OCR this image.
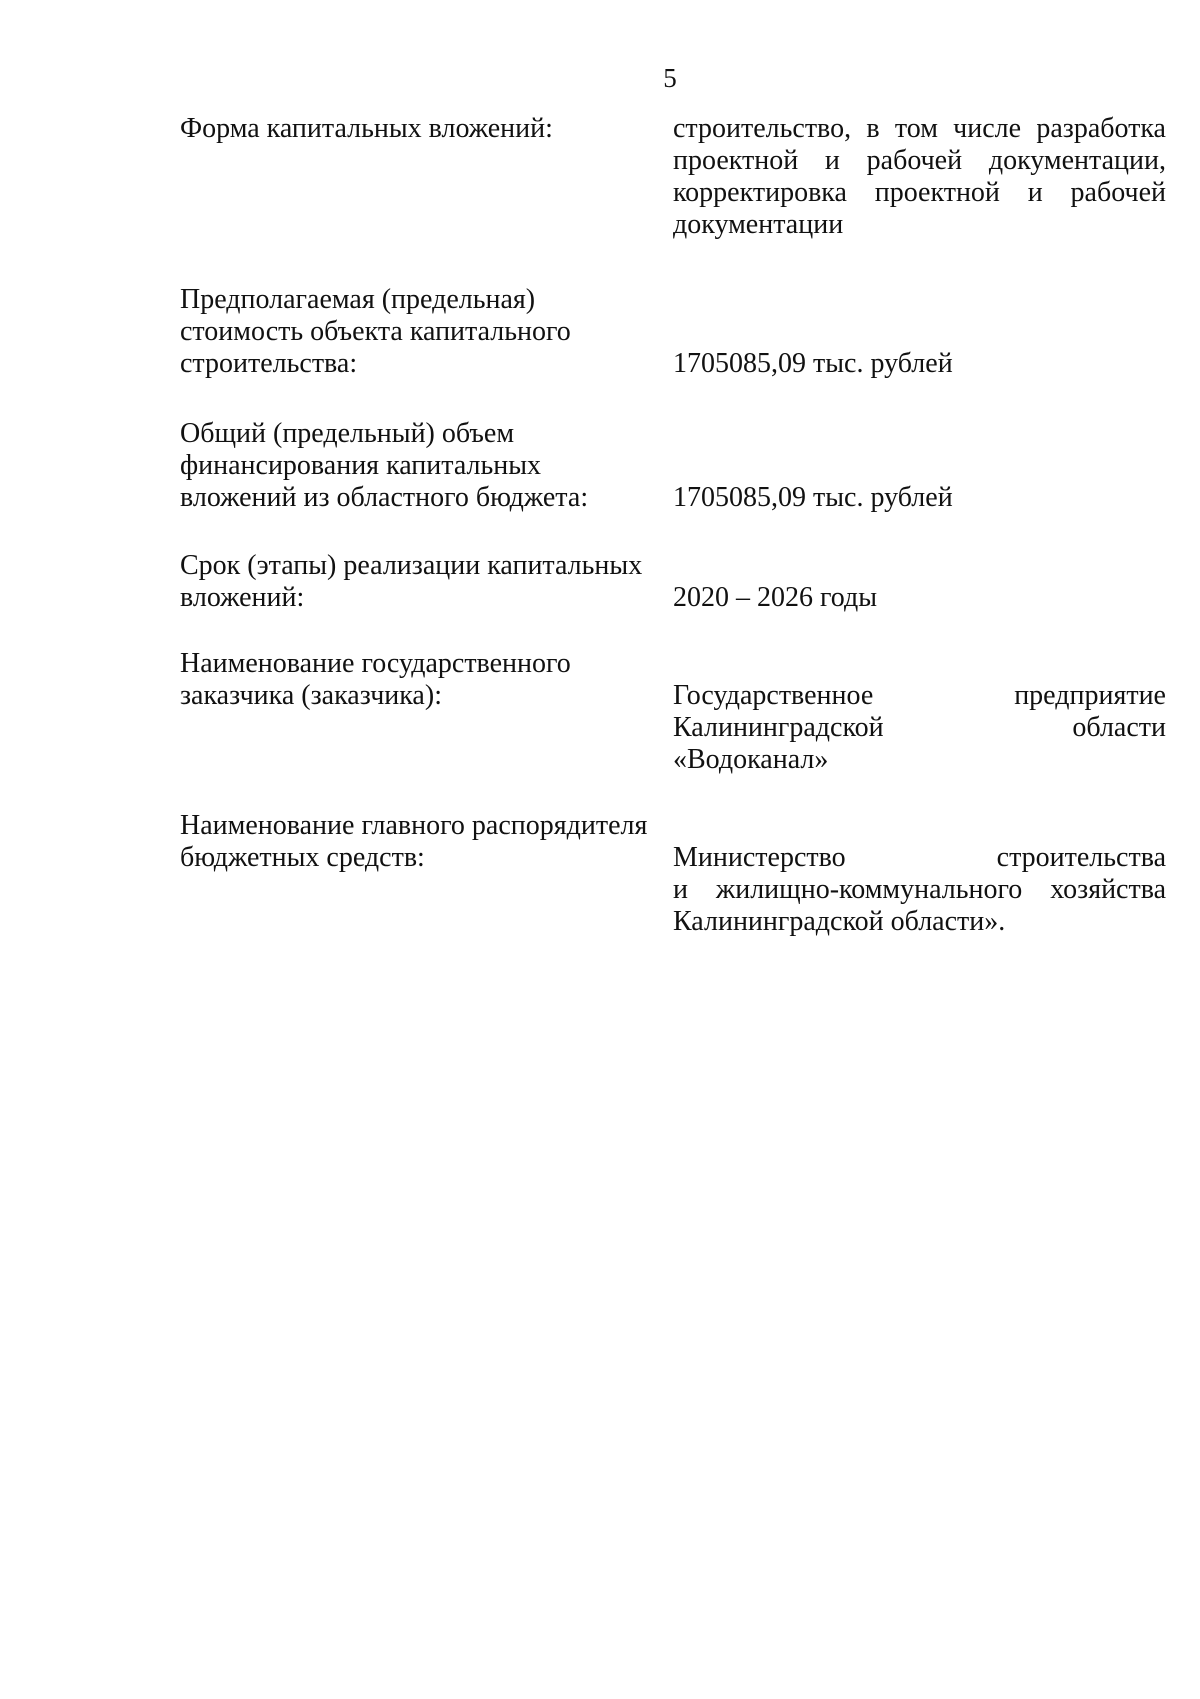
5
Форма капитальных вложений:	строительство, в том числе разработка
проектной и рабочей документации,
корректировка проектной и рабочей
документации
Предполагаемая (предельная)
стоимость объекта капитального
строительства:	1705085,09 тыс. рублей
Общий (предельный) объем
финансирования капитальных
вложений из областного бюджета:	1705085,09 тыс. рублей
Срок (этапы) реализации капитальных
вложений:	2020 – 2026 годы
Наименование государственного
заказчика (заказчика):	Государственное предприятие
Калининградской области
«Водоканал»
Наименование главного распорядителя
бюджетных средств:	Министерство строительства
и жилищно-коммунального хозяйства
Калининградской области».
